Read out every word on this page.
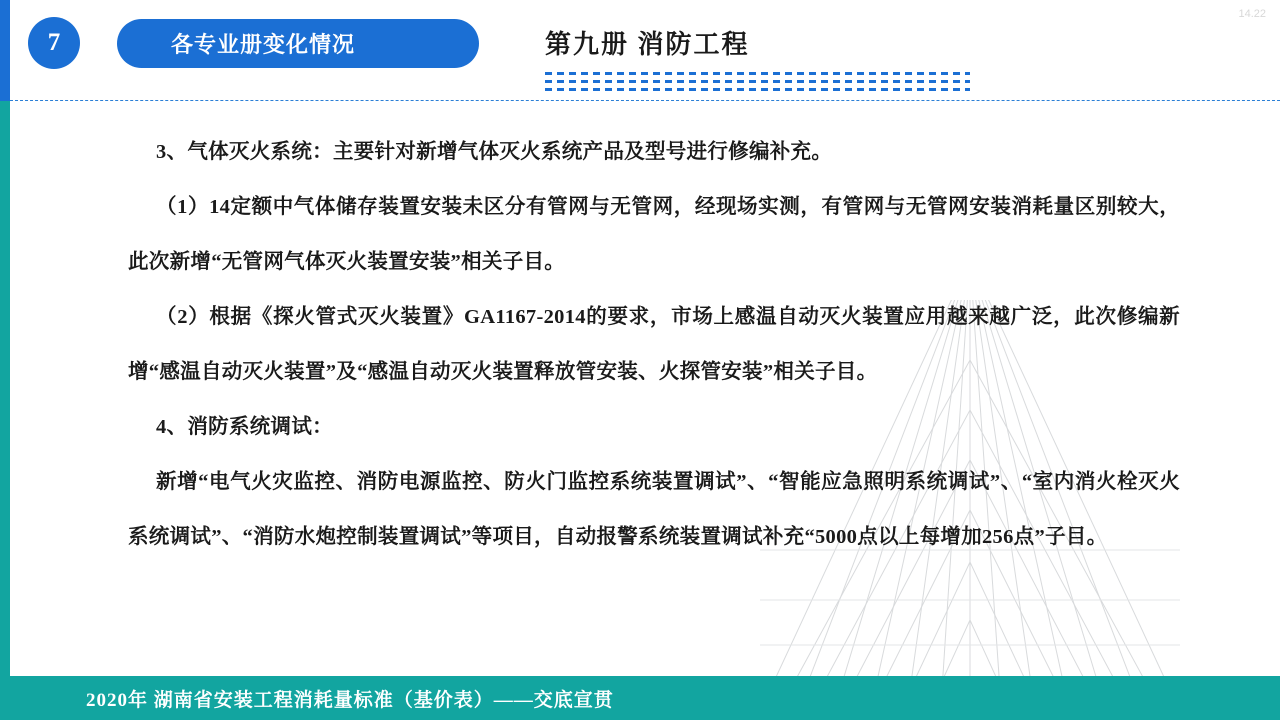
7	各专业册变化情况	第九册 消防工程
14.22
3、气体灭火系统：主要针对新增气体灭火系统产品及型号进行修编补充。
（1）14定额中气体储存装置安装未区分有管网与无管网，经现场实测，有管网与无管网安装消耗量区别较大，此次新增“无管网气体灭火装置安装”相关子目。
（2）根据《探火管式灭火装置》GA1167-2014的要求，市场上感温自动灭火装置应用越来越广泛，此次修编新增“感温自动灭火装置”及“感温自动灭火装置释放管安装、火探管安装”相关子目。
4、消防系统调试：
新增“电气火灾监控、消防电源监控、防火门监控系统装置调试”、“智能应急照明系统调试”、“室内消火栓灭火系统调试”、“消防水炮控制装置调试”等项目，自动报警系统装置调试补充“5000点以上每增加256点”子目。
2020年 湖南省安装工程消耗量标准（基价表）——交底宣贯
